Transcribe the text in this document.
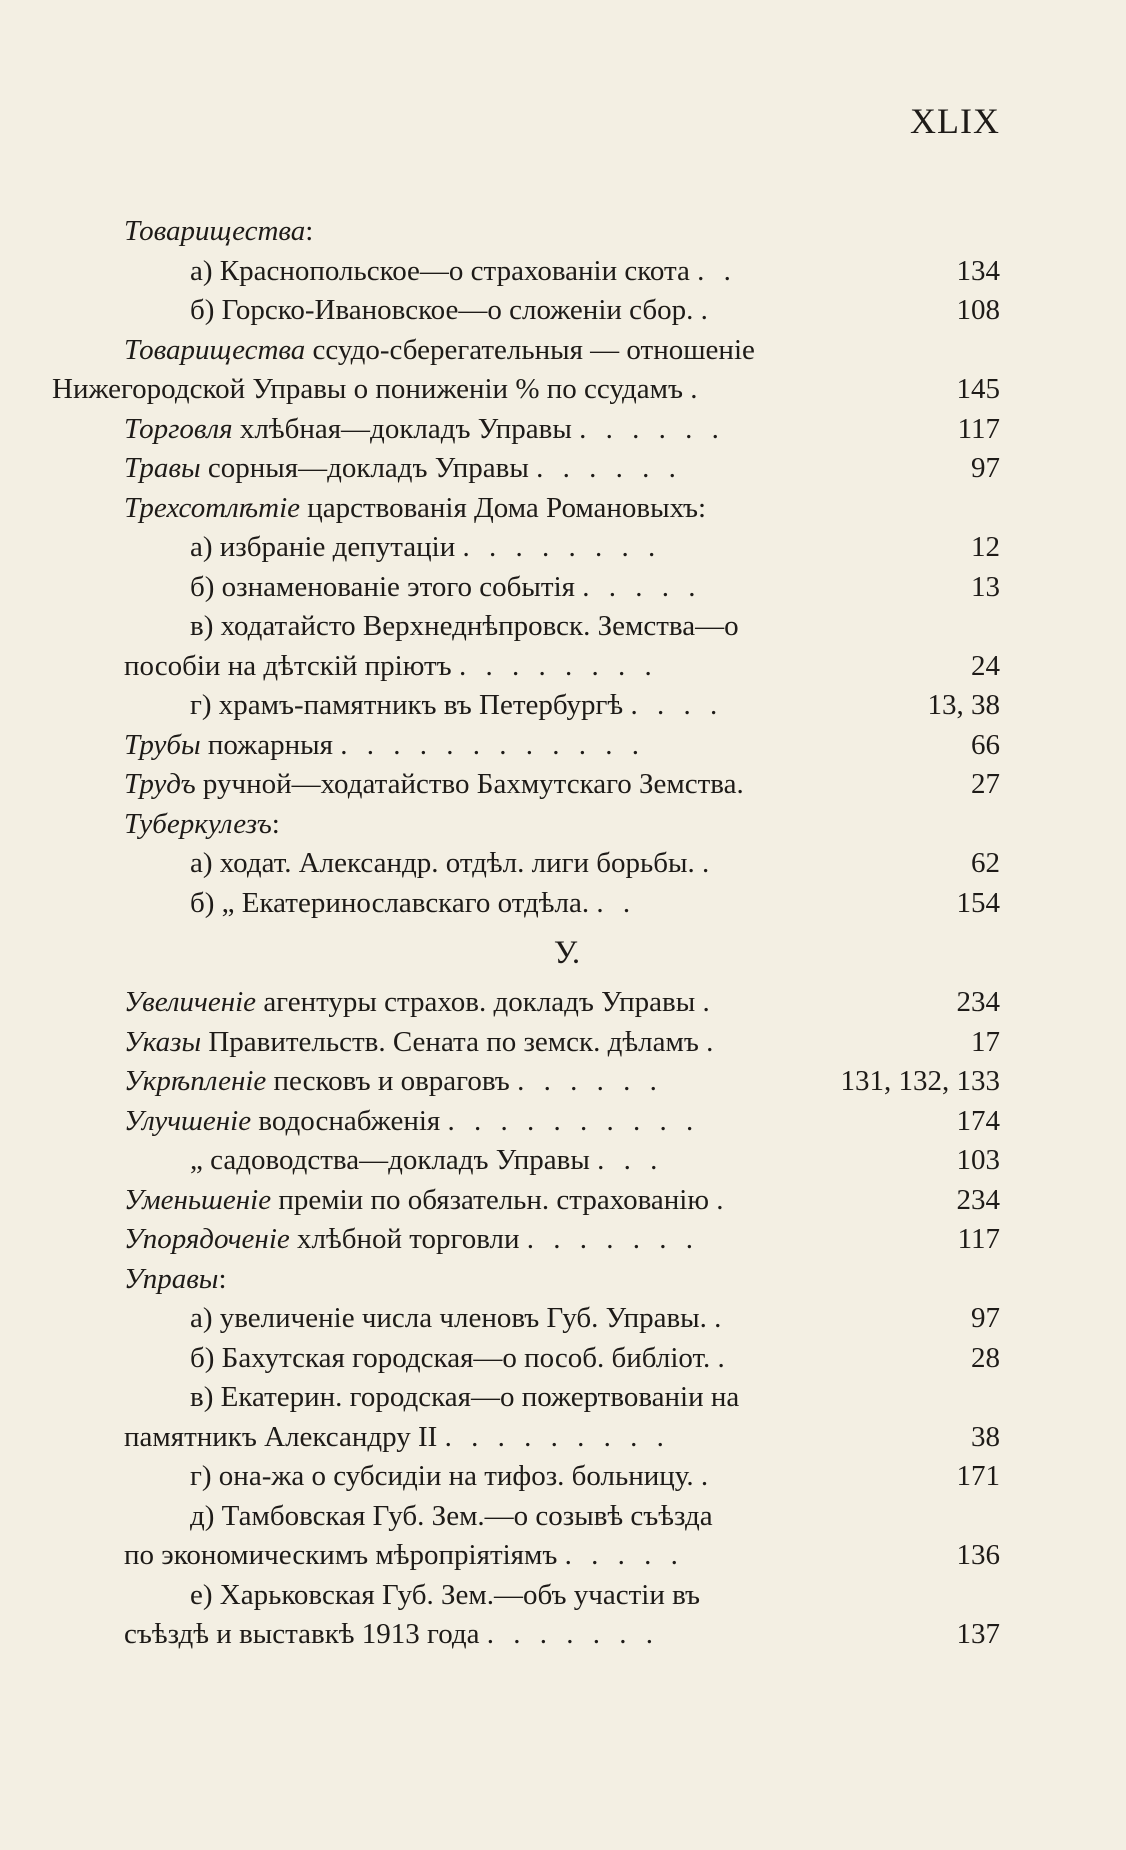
XLIX
Товарищества:
а) Краснопольское—о страхованіи скота . .	134
б) Горско-Ивановское—о сложеніи сбор. .	108
Товарищества ссудо-сберегательныя — отношеніе
Нижегородской Управы о пониженіи % по ссудамъ .	145
Торговля хлѣбная—докладъ Управы . . . . . .	117
Травы сорныя—докладъ Управы . . . . . .	97
Трехсотлѣтіе царствованія Дома Романовыхъ:
а) избраніе депутаціи . . . . . . . .	12
б) ознаменованіе этого событія . . . . .	13
в) ходатайсто Верхнеднѣпровск. Земства—о
пособіи на дѣтскій пріютъ . . . . . . . .	24
г) храмъ-памятникъ въ Петербургѣ . . . .	13, 38
Трубы пожарныя . . . . . . . . . . . .	66
Трудъ ручной—ходатайство Бахмутскаго Земства.	27
Туберкулезъ:
а) ходат. Александр. отдѣл. лиги борьбы. .	62
б) „ Екатеринославскаго отдѣла. . .	154
У.
Увеличеніе агентуры страхов. докладъ Управы .	234
Указы Правительств. Сената по земск. дѣламъ .	17
Укрѣпленіе песковъ и овраговъ . . . . . .	131, 132, 133
Улучшеніе водоснабженія . . . . . . . . . .	174
„ садоводства—докладъ Управы . . .	103
Уменьшеніе преміи по обязательн. страхованію .	234
Упорядоченіе хлѣбной торговли . . . . . . .	117
Управы:
а) увеличеніе числа членовъ Губ. Управы. .	97
б) Бахутская городская—о пособ. библіот. .	28
в) Екатерин. городская—о пожертвованіи на
памятникъ Александру II . . . . . . . . .	38
г) она-жа о субсидіи на тифоз. больницу. .	171
д) Тамбовская Губ. Зем.—о созывѣ съѣзда
по экономическимъ мѣропріятіямъ . . . . .	136
е) Харьковская Губ. Зем.—объ участіи въ
съѣздѣ и выставкѣ 1913 года . . . . . . .	137
